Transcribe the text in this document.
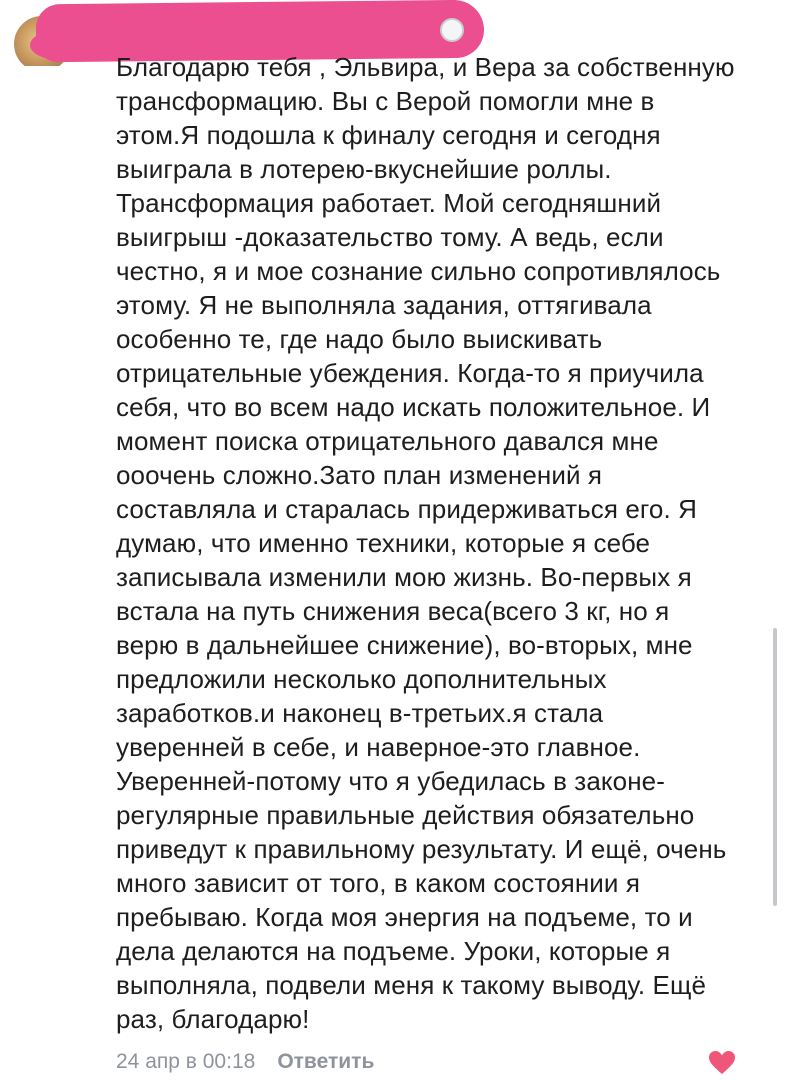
Благодарю тебя , Эльвира, и Вера за собственную
трансформацию. Вы с Верой помогли мне в
этом.Я подошла к финалу сегодня и сегодня
выиграла в лотерею-вкуснейшие роллы.
Трансформация работает. Мой сегодняшний
выигрыш -доказательство тому. А ведь, если
честно, я и мое сознание сильно сопротивлялось
этому. Я не выполняла задания, оттягивала
особенно те, где надо было выискивать
отрицательные убеждения. Когда-то я приучила
себя, что во всем надо искать положительное. И
момент поиска отрицательного давался мне
ооочень сложно.Зато план изменений я
составляла и старалась придерживаться его. Я
думаю, что именно техники, которые я себе
записывала изменили мою жизнь. Во-первых я
встала на путь снижения веса(всего 3 кг, но я
верю в дальнейшее снижение), во-вторых, мне
предложили несколько дополнительных
заработков.и наконец в-третьих.я стала
уверенней в себе, и наверное-это главное.
Уверенней-потому что я убедилась в законе-
регулярные правильные действия обязательно
приведут к правильному результату. И ещё, очень
много зависит от того, в каком состоянии я
пребываю. Когда моя энергия на подъеме, то и
дела делаются на подъеме. Уроки, которые я
выполняла, подвели меня к такому выводу. Ещё
раз, благодарю!

24 апр в 00:18 Ответить
